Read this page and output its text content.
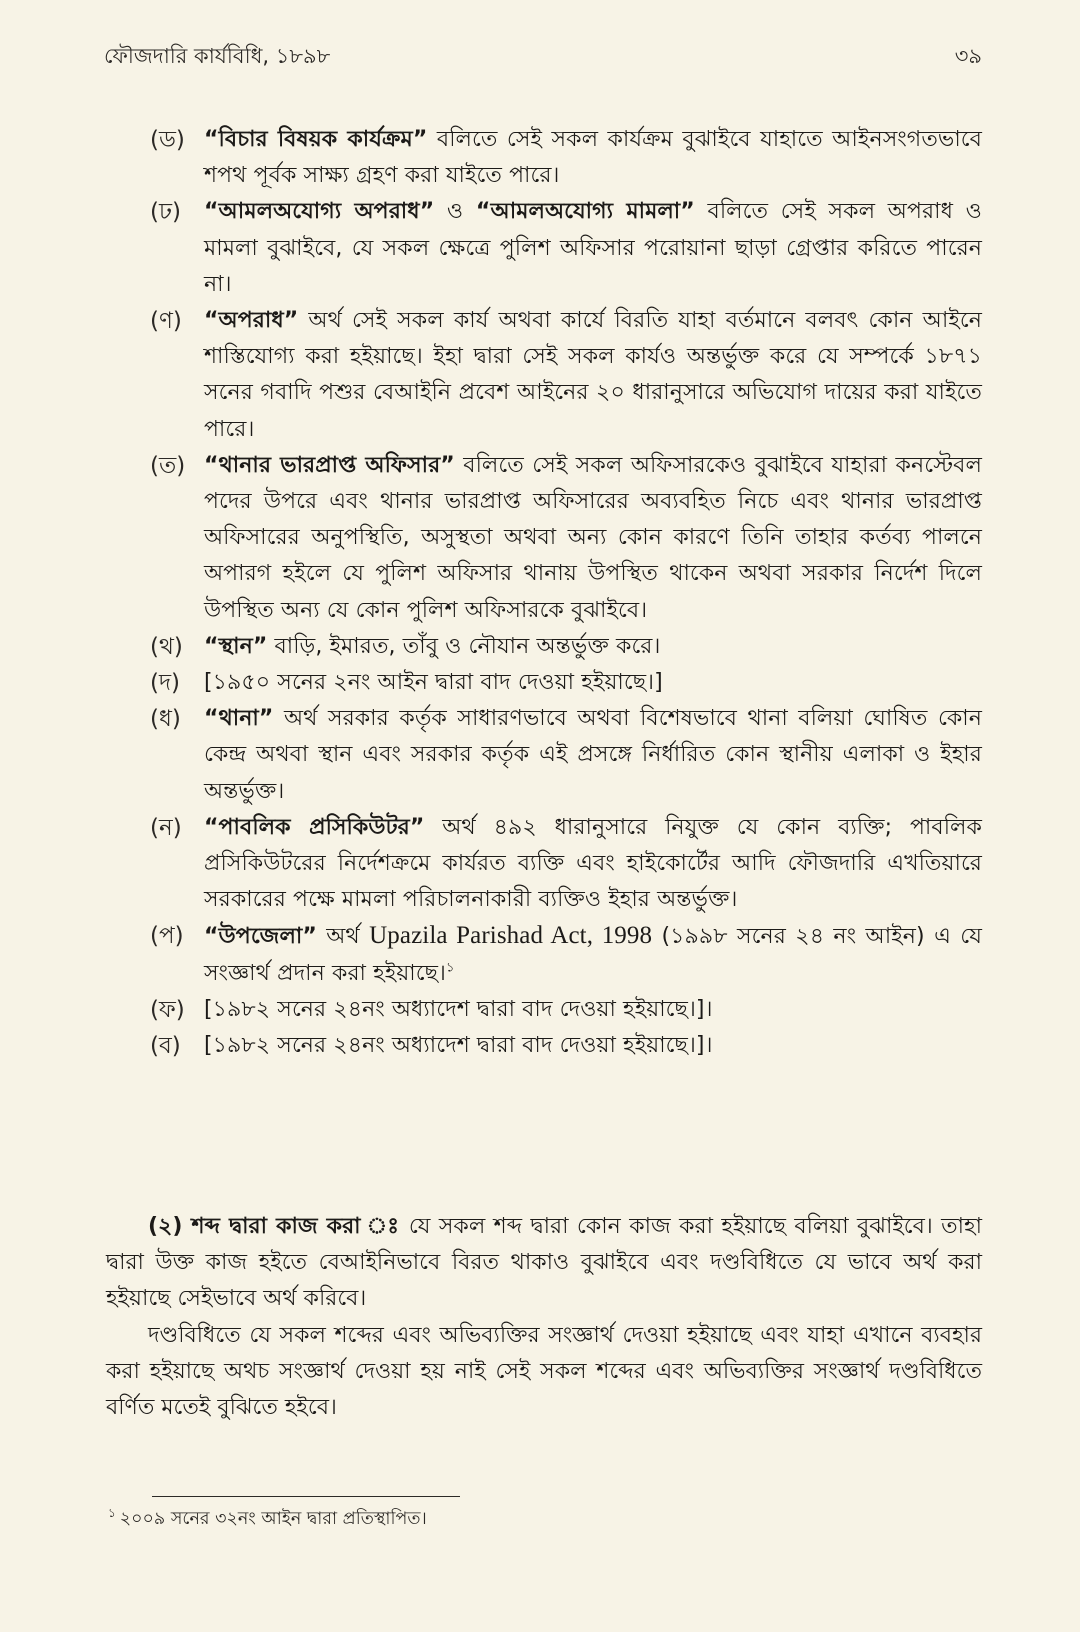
ফৌজদারি কার্যবিধি, ১৮৯৮	৩৯
(ড) “বিচার বিষয়ক কার্যক্রম” বলিতে সেই সকল কার্যক্রম বুঝাইবে যাহাতে আইনসংগতভাবে শপথ পূর্বক সাক্ষ্য গ্রহণ করা যাইতে পারে।
(ঢ)	“আমলঅযোগ্য অপরাধ” ও “আমলঅযোগ্য মামলা” বলিতে সেই সকল অপরাধ ও মামলা বুঝাইবে, যে সকল ক্ষেত্রে পুলিশ অফিসার পরোয়ানা ছাড়া গ্রেপ্তার করিতে পারেন না।
(ণ)	“অপরাধ” অর্থ সেই সকল কার্য অথবা কার্যে বিরতি যাহা বর্তমানে বলবৎ কোন আইনে শাস্তিযোগ্য করা হইয়াছে। ইহা দ্বারা সেই সকল কার্যও অন্তর্ভুক্ত করে যে সম্পর্কে ১৮৭১ সনের গবাদি পশুর বেআইনি প্রবেশ আইনের ২০ ধারানুসারে অভিযোগ দায়ের করা যাইতে পারে।
(ত) “থানার ভারপ্রাপ্ত অফিসার” বলিতে সেই সকল অফিসারকেও বুঝাইবে যাহারা কনস্টেবল পদের উপরে এবং থানার ভারপ্রাপ্ত অফিসারের অব্যবহিত নিচে এবং থানার ভারপ্রাপ্ত অফিসারের অনুপস্থিতি, অসুস্থতা অথবা অন্য কোন কারণে তিনি তাহার কর্তব্য পালনে অপারগ হইলে যে পুলিশ অফিসার থানায় উপস্থিত থাকেন অথবা সরকার নির্দেশ দিলে উপস্থিত অন্য যে কোন পুলিশ অফিসারকে বুঝাইবে।
(থ) “স্থান” বাড়ি, ইমারত, তাঁবু ও নৌযান অন্তর্ভুক্ত করে।
(দ)	[১৯৫০ সনের ২নং আইন দ্বারা বাদ দেওয়া হইয়াছে।]
(ধ)	“থানা” অর্থ সরকার কর্তৃক সাধারণভাবে অথবা বিশেষভাবে থানা বলিয়া ঘোষিত কোন কেন্দ্র অথবা স্থান এবং সরকার কর্তৃক এই প্রসঙ্গে নির্ধারিত কোন স্থানীয় এলাকা ও ইহার অন্তর্ভুক্ত।
(ন)	“পাবলিক প্রসিকিউটর” অর্থ ৪৯২ ধারানুসারে নিযুক্ত যে কোন ব্যক্তি; পাবলিক প্রসিকিউটরের নির্দেশক্রমে কার্যরত ব্যক্তি এবং হাইকোর্টের আদি ফৌজদারি এখতিয়ারে সরকারের পক্ষে মামলা পরিচালনাকারী ব্যক্তিও ইহার অন্তর্ভুক্ত।
(প) “উপজেলা” অর্থ Upazila Parishad Act, 1998 (১৯৯৮ সনের ২৪ নং আইন) এ যে সংজ্ঞার্থ প্রদান করা হইয়াছে।$^১$
(ফ) [১৯৮২ সনের ২৪নং অধ্যাদেশ দ্বারা বাদ দেওয়া হইয়াছে।]।
(ব)	[১৯৮২ সনের ২৪নং অধ্যাদেশ দ্বারা বাদ দেওয়া হইয়াছে।]।
(২) শব্দ দ্বারা কাজ করা ঃ যে সকল শব্দ দ্বারা কোন কাজ করা হইয়াছে বলিয়া বুঝাইবে। তাহা দ্বারা উক্ত কাজ হইতে বেআইনিভাবে বিরত থাকাও বুঝাইবে এবং দণ্ডবিধিতে যে ভাবে অর্থ করা হইয়াছে সেইভাবে অর্থ করিবে।
দণ্ডবিধিতে যে সকল শব্দের এবং অভিব্যক্তির সংজ্ঞার্থ দেওয়া হইয়াছে এবং যাহা এখানে ব্যবহার করা হইয়াছে অথচ সংজ্ঞার্থ দেওয়া হয় নাই সেই সকল শব্দের এবং অভিব্যক্তির সংজ্ঞার্থ দণ্ডবিধিতে বর্ণিত মতেই বুঝিতে হইবে।
$^১$ ২০০৯ সনের ৩২নং আইন দ্বারা প্রতিস্থাপিত।
